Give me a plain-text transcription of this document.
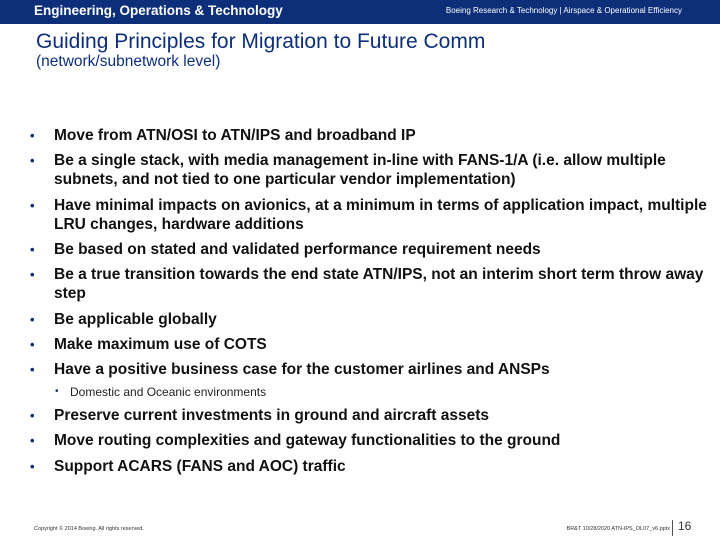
Engineering, Operations & Technology	Boeing Research & Technology | Airspace & Operational Efficiency
Guiding Principles for Migration to Future Comm
(network/subnetwork level)
• Move from ATN/OSI to ATN/IPS and broadband IP
• Be a single stack, with media management in-line with FANS-1/A (i.e. allow multiple subnets, and not tied to one particular vendor implementation)
• Have minimal impacts on avionics, at a minimum in terms of application impact, multiple LRU changes, hardware additions
• Be based on stated and validated performance requirement needs
• Be a true transition towards the end state ATN/IPS, not an interim short term throw away step
• Be applicable globally
• Make maximum use of COTS
• Have a positive business case for the customer airlines and ANSPs
• Domestic and Oceanic environments
• Preserve current investments in ground and aircraft assets
• Move routing complexities and gateway functionalities to the ground
• Support ACARS (FANS and AOC) traffic
Copyright © 2014 Boeing. All rights reserved.	BR&T 10/28/2020 ATN-IPS_OL07_v6.pptx 16
